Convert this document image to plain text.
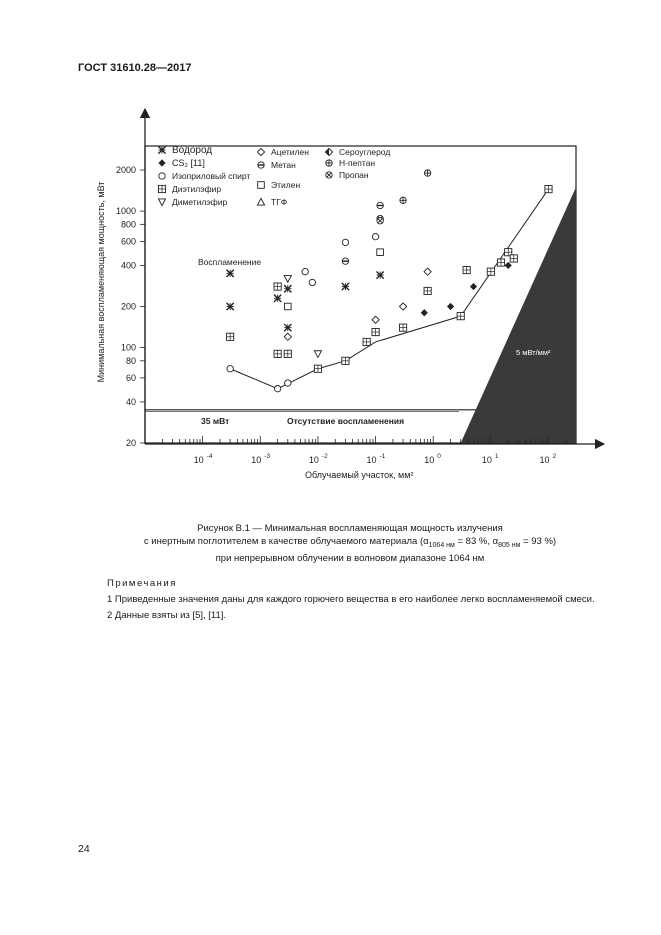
ГОСТ 31610.28—2017
10 -4	10 -3	10 -2	10 -1	10 0	10 1	10 2
2000
1000
800
600
400
200
100
80
60
40
20
Водород
CS₂ [11]
Изоприловый спирт
Диэтилэфир
Диметилэфир
Ацетилен
Метан
Этилен
ТГФ
Сероуглерод
Н-пептан
Пропан
Воспламенение
Отсутствие воспламенения
35 мВт
5 мВт/мм²
Облучаемый участок, мм²
Минимальная воспламеняющая мощность, мВт
Рисунок В.1 — Минимальная воспламеняющая мощность излучения
с инертным поглотителем в качестве облучаемого материала ($\alpha_{1064 нм} = 83$ %, $\alpha_{805 нм} = 93$ %)
при непрерывном облучении в волновом диапазоне 1064 нм
Примечания
1 Приведенные значения даны для каждого горючего вещества в его наиболее легко воспламеняемой смеси.
2 Данные взяты из [5], [11].
24
